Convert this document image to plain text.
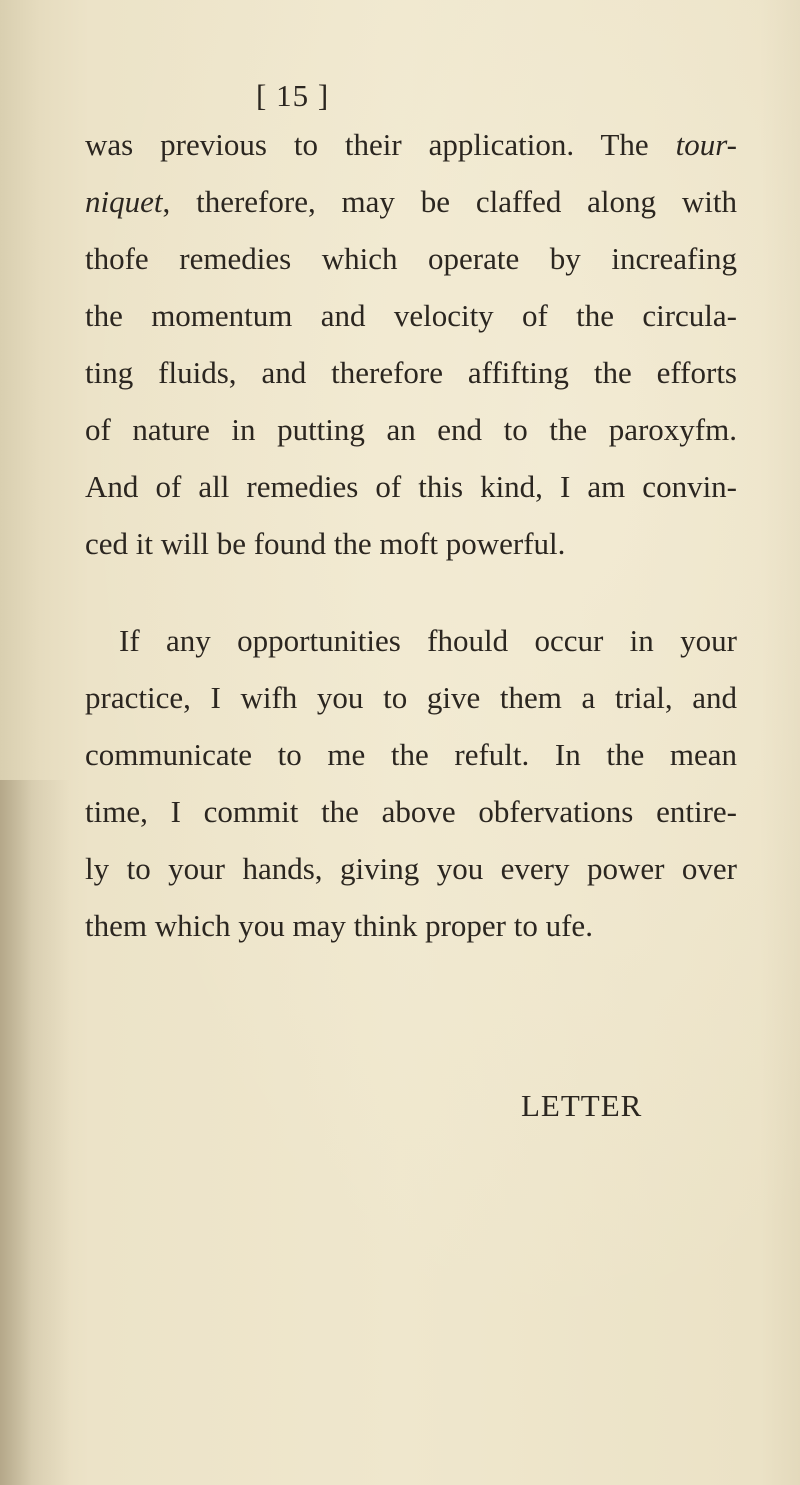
[ 15 ]
was previous to their application. The tour-
niquet, therefore, may be claffed along with
thofe remedies which operate by increafing
the momentum and velocity of the circula-
ting fluids, and therefore affifting the efforts
of nature in putting an end to the paroxyfm.
And of all remedies of this kind, I am convin-
ced it will be found the moft powerful.
If any opportunities fhould occur in your
practice, I wifh you to give them a trial, and
communicate to me the refult. In the mean
time, I commit the above obfervations entire-
ly to your hands, giving you every power over
them which you may think proper to ufe.
LETTER
